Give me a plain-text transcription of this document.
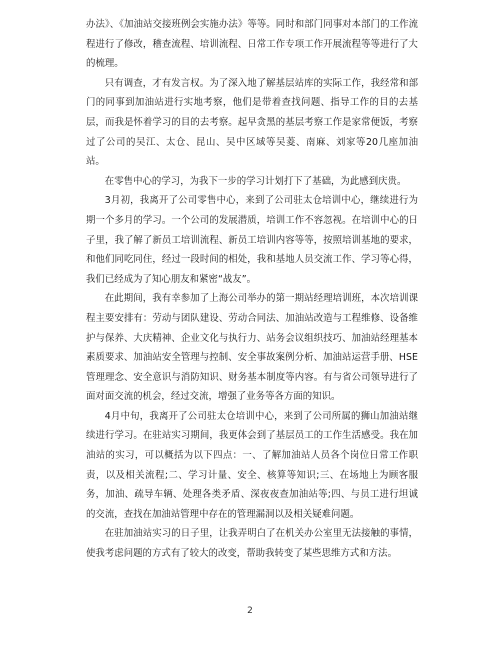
办法》、《加油站交接班例会实施办法》等等。同时和部门同事对本部门的工作流程进行了修改，稽查流程、培训流程、日常工作专项工作开展流程等等进行了大的梳理。

只有调查，才有发言权。为了深入地了解基层站库的实际工作，我经常和部门的同事到加油站进行实地考察，他们是带着查找问题、指导工作的目的去基层，而我是怀着学习的目的去考察。起早贪黑的基层考察工作是家常便饭，考察过了公司的吴江、太仓、昆山、吴中区域等吴菱、南麻、刘家等20几座加油站。

在零售中心的学习，为我下一步的学习计划打下了基础，为此感到庆贵。

3月初，我离开了公司零售中心，来到了公司驻太仓培训中心，继续进行为期一个多月的学习。一个公司的发展潜质，培训工作不容忽视。在培训中心的日子里，我了解了新员工培训流程、新员工培训内容等等，按照培训基地的要求，和他们同吃同住，经过一段时间的相处，我和基地人员交流工作、学习等心得，我们已经成为了知心朋友和紧密“战友”。

在此期间，我有幸参加了上海公司举办的第一期站经理培训班，本次培训课程主要安排有：劳动与团队建设、劳动合同法、加油站改造与工程维修、设备维护与保养、大庆精神、企业文化与执行力、站务会议组织技巧、加油站经理基本素质要求、加油站安全管理与控制、安全事故案例分析、加油站运营手册、HSE管理理念、安全意识与消防知识、财务基本制度等内容。有与省公司领导进行了面对面交流的机会，经过交流，增强了业务等各方面的知识。

4月中旬，我离开了公司驻太仓培训中心，来到了公司所属的狮山加油站继续进行学习。在驻站实习期间，我更体会到了基层员工的工作生活感受。我在加油站的实习，可以概括为以下四点：一、了解加油站人员各个岗位日常工作职责，以及相关流程;二、学习计量、安全、核算等知识;三、在场地上为顾客服务，加油、疏导车辆、处理各类矛盾、深夜夜查加油站等;四、与员工进行坦诚的交流，查找在加油站管理中存在的管理漏洞以及相关疑难问题。

在驻加油站实习的日子里，让我弄明白了在机关办公室里无法接触的事情，使我考虑问题的方式有了较大的改变，帮助我转变了某些思维方式和方法。

2
